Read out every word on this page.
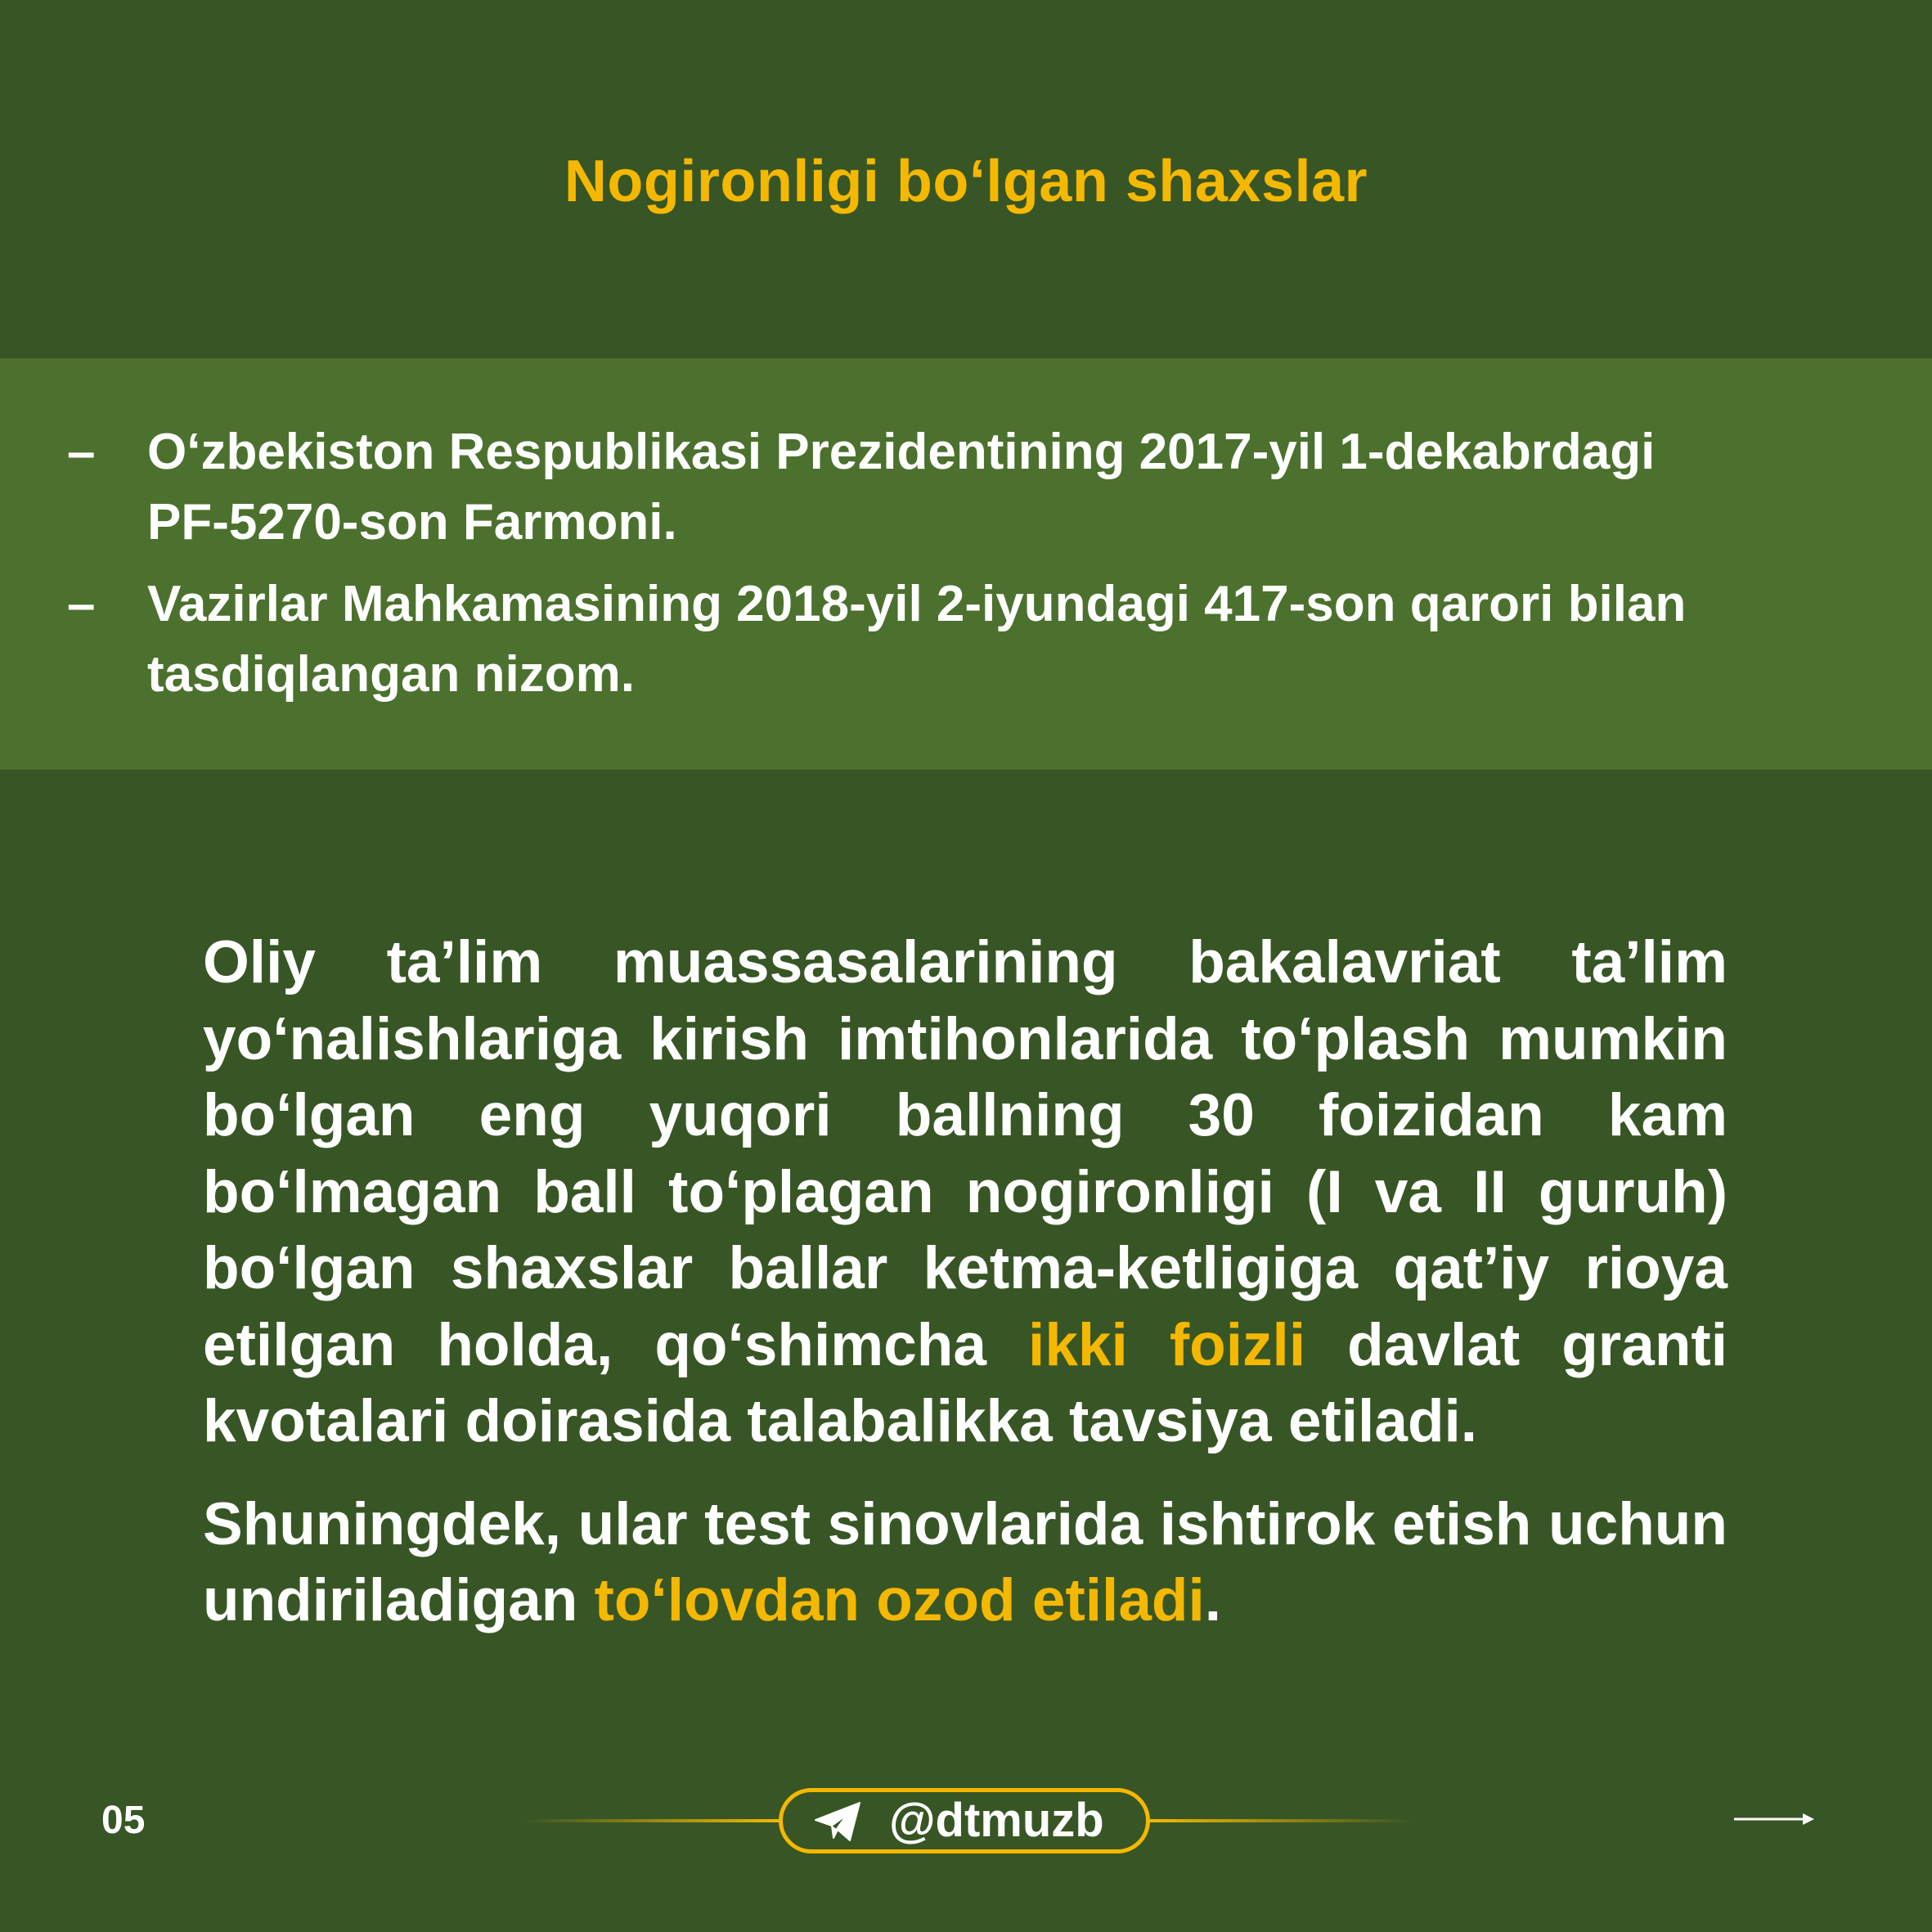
Nogironligi bo‘lgan shaxslar
– O‘zbekiston Respublikasi Prezidentining 2017-yil 1-dekabrdagi
PF-5270-son Farmoni.
– Vazirlar Mahkamasining 2018-yil 2-iyundagi 417-son qarori bilan
tasdiqlangan nizom.

Oliy ta’lim muassasalarining bakalavriat ta’lim yo‘nalishlariga kirish imtihonlarida to‘plash mumkin bo‘lgan eng yuqori ballning 30 foizidan kam bo‘lmagan ball to‘plagan nogironligi (I va II guruh) bo‘lgan shaxslar ballar ketma-ketligiga qat’iy rioya etilgan holda, qo‘shimcha ikki foizli davlat granti kvotalari doirasida talabalikka tavsiya etiladi.

Shuningdek, ular test sinovlarida ishtirok etish uchun undiriladigan to‘lovdan ozod etiladi.

05	@dtmuzb
